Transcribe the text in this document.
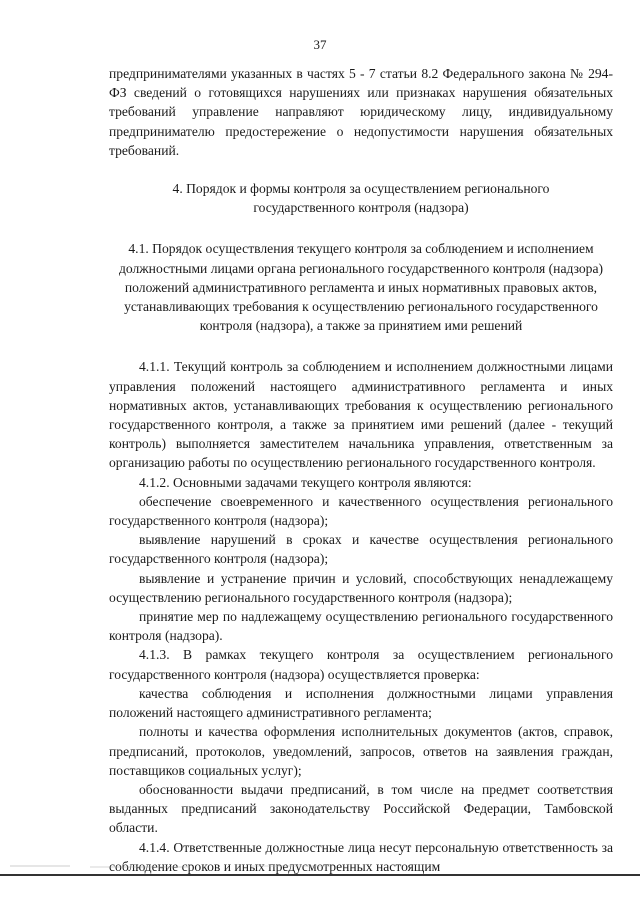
37

предпринимателями указанных в частях 5 - 7 статьи 8.2 Федерального закона № 294-ФЗ сведений о готовящихся нарушениях или признаках нарушения обязательных требований управление направляют юридическому лицу, индивидуальному предпринимателю предостережение о недопустимости нарушения обязательных требований.

4. Порядок и формы контроля за осуществлением регионального государственного контроля (надзора)

4.1. Порядок осуществления текущего контроля за соблюдением и исполнением должностными лицами органа регионального государственного контроля (надзора) положений административного регламента и иных нормативных правовых актов, устанавливающих требования к осуществлению регионального государственного контроля (надзора), а также за принятием ими решений

4.1.1. Текущий контроль за соблюдением и исполнением должностными лицами управления положений настоящего административного регламента и иных нормативных актов, устанавливающих требования к осуществлению регионального государственного контроля, а также за принятием ими решений (далее - текущий контроль) выполняется заместителем начальника управления, ответственным за организацию работы по осуществлению регионального государственного контроля.

4.1.2. Основными задачами текущего контроля являются:

обеспечение своевременного и качественного осуществления регионального государственного контроля (надзора);

выявление нарушений в сроках и качестве осуществления регионального государственного контроля (надзора);

выявление и устранение причин и условий, способствующих ненадлежащему осуществлению регионального государственного контроля (надзора);

принятие мер по надлежащему осуществлению регионального государственного контроля (надзора).

4.1.3. В рамках текущего контроля за осуществлением регионального государственного контроля (надзора) осуществляется проверка:

качества соблюдения и исполнения должностными лицами управления положений настоящего административного регламента;

полноты и качества оформления исполнительных документов (актов, справок, предписаний, протоколов, уведомлений, запросов, ответов на заявления граждан, поставщиков социальных услуг);

обоснованности выдачи предписаний, в том числе на предмет соответствия выданных предписаний законодательству Российской Федерации, Тамбовской области.

4.1.4. Ответственные должностные лица несут персональную ответственность за соблюдение сроков и иных предусмотренных настоящим
